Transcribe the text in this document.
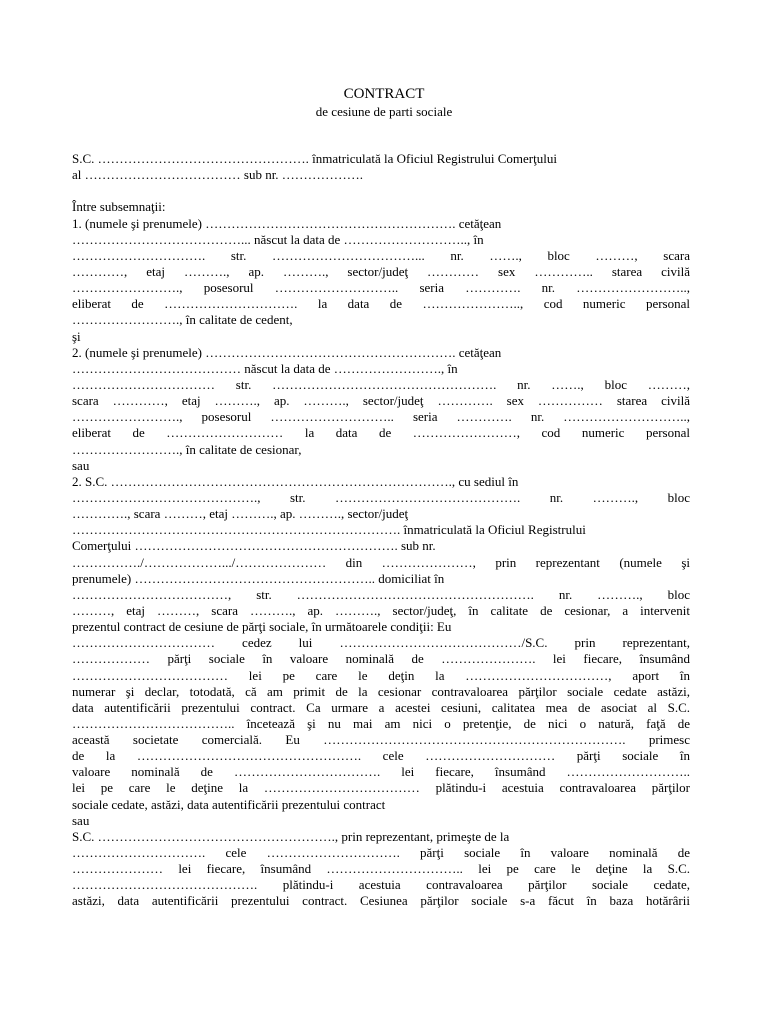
CONTRACT
de cesiune de parti sociale
S.C. …………………………………………. înmatriculată la Oficiul Registrului Comerţului
al ……………………………… sub nr. ……………….
Între subsemnaţii:
1. (numele şi prenumele) …………………………………………………. cetăţean
…………………………………... născut la data de ……………………….., în
…………………………. str. ……………………………... nr. ……., bloc ………, scara
…………, etaj ………., ap. ………., sector/judeţ ………… sex ………….. starea civilă
……………………., posesorul ……………………….. seria …………. nr. ……………………..,
eliberat de …………………………. la data de ………………….., cod numeric personal
……………………., în calitate de cedent,
şi
2. (numele şi prenumele) …………………………………………………. cetăţean
………………………………… născut la data de ……………………., în
…………………………… str. ……………………………………………. nr. ……., bloc ………,
scara …………, etaj ………., ap. ………., sector/judeţ …………. sex …………… starea civilă
……………………., posesorul ……………………….. seria …………. nr. ………………………..,
eliberat de ……………………… la data de ……………………, cod numeric personal
……………………., în calitate de cesionar,
sau
2. S.C. ……………………………………………………………………., cu sediul în
……………………………………., str. ……………………………………. nr. ………., bloc
…………., scara ………, etaj ………., ap. ………., sector/judeţ
…………………………………………………………………. înmatriculată la Oficiul Registrului
Comerţului ……………………………………………………. sub nr.
……………./……………….../………………… din …………………, prin reprezentant (numele şi
prenumele) ……………………………………………….. domiciliat în
………………………………, str. ………………………………………………. nr. ………., bloc
………, etaj ………, scara ………., ap. ………., sector/judeţ, în calitate de cesionar, a intervenit
prezentul contract de cesiune de părţi sociale, în următoarele condiţii: Eu
…………………………… cedez lui ……………………………………/S.C. prin reprezentant,
……………… părţi sociale în valoare nominală de …………………. lei fiecare, însumând
……………………………… lei pe care le deţin la ……………………………, aport în
numerar şi declar, totodată, că am primit de la cesionar contravaloarea părţilor sociale cedate astăzi,
data autentificării prezentului contract. Ca urmare a acestei cesiuni, calitatea mea de asociat al S.C.
……………………………….. încetează şi nu mai am nici o pretenţie, de nici o natură, faţă de
această societate comercială. Eu ……………………………………………………………. primesc
de la ……………………………………………. cele ………………………… părţi sociale în
valoare nominală de ……………………………. lei fiecare, însumând ………………………..
lei pe care le deţine la ……………………………… plătindu-i acestuia contravaloarea părţilor
sociale cedate, astăzi, data autentificării prezentului contract
sau
S.C. ………………………………………………., prin reprezentant, primeşte de la
…………………………. cele …………………………. părţi sociale în valoare nominală de
………………… lei fiecare, însumând ………………………….. lei pe care le deţine la S.C.
……………………………………. plătindu-i acestuia contravaloarea părţilor sociale cedate,
astăzi, data autentificării prezentului contract. Cesiunea părţilor sociale s-a făcut în baza hotărârii
